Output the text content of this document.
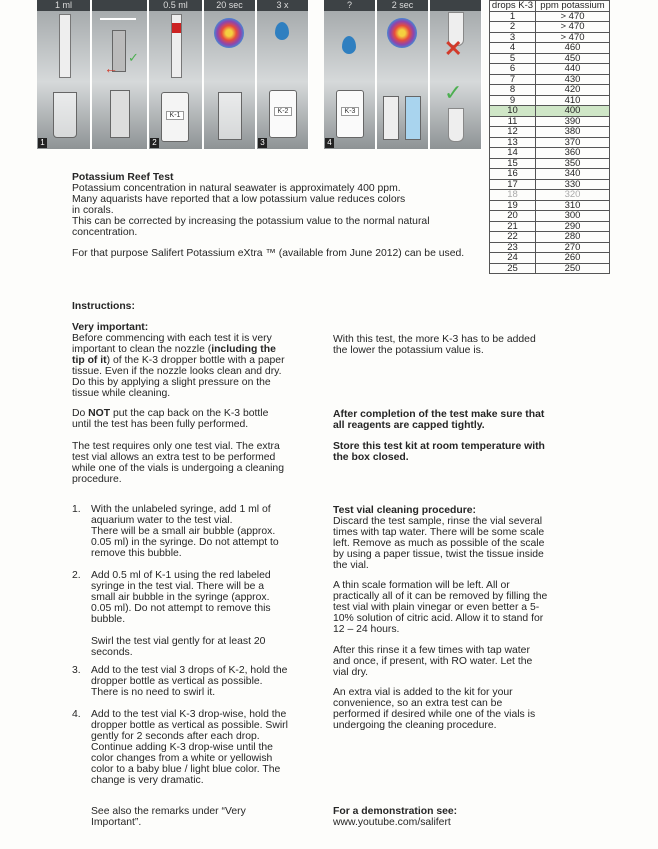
1 ml
1
←
✓
0.5 ml
K-1
2
20 sec	3 x
K-2
3
?
K-3
4
2 sec
✕
✓
drops K-3	ppm potassium
1	> 470
2	> 470
3	> 470
4	460
5	450
6	440
7	430
8	420
9	410
10	400
11	390
12	380
13	370
14	360
15	350
16	340
17	330
18	320
19	310
20	300
21	290
22	280
23	270
24	260
25	250
Potassium Reef Test
Potassium concentration in natural seawater is approximately 400 ppm.
Many aquarists have reported that a low potassium value reduces colors
in corals.
This can be corrected by increasing the potassium value to the normal natural
concentration.
For that purpose Salifert Potassium eXtra ™ (available from June 2012) can be used.
Instructions:
Very important:
Before commencing with each test it is very
important to clean the nozzle (including the
tip of it) of the K-3 dropper bottle with a paper
tissue. Even if the nozzle looks clean and dry.
Do this by applying a slight pressure on the
tissue while cleaning.
Do NOT put the cap back on the K-3 bottle
until the test has been fully performed.
The test requires only one test vial. The extra
test vial allows an extra test to be performed
while one of the vials is undergoing a cleaning
procedure.
1. With the unlabeled syringe, add 1 ml of
aquarium water to the test vial.
There will be a small air bubble (approx.
0.05 ml) in the syringe. Do not attempt to
remove this bubble.
2. Add 0.5 ml of K-1 using the red labeled
syringe in the test vial. There will be a
small air bubble in the syringe (approx.
0.05 ml). Do not attempt to remove this
bubble.

Swirl the test vial gently for at least 20
seconds.
3. Add to the test vial 3 drops of K-2, hold the
dropper bottle as vertical as possible.
There is no need to swirl it.
4. Add to the test vial K-3 drop-wise, hold the
dropper bottle as vertical as possible. Swirl
gently for 2 seconds after each drop.
Continue adding K-3 drop-wise until the
color changes from a white or yellowish
color to a baby blue / light blue color. The
change is very dramatic.
See also the remarks under “Very
Important”.
With this test, the more K-3 has to be added
the lower the potassium value is.
After completion of the test make sure that
all reagents are capped tightly.
Store this test kit at room temperature with
the box closed.
Test vial cleaning procedure:
Discard the test sample, rinse the vial several
times with tap water. There will be some scale
left. Remove as much as possible of the scale
by using a paper tissue, twist the tissue inside
the vial.
A thin scale formation will be left. All or
practically all of it can be removed by filling the
test vial with plain vinegar or even better a 5-
10% solution of citric acid. Allow it to stand for
12 – 24 hours.
After this rinse it a few times with tap water
and once, if present, with RO water. Let the
vial dry.
An extra vial is added to the kit for your
convenience, so an extra test can be
performed if desired while one of the vials is
undergoing the cleaning procedure.
For a demonstration see:
www.youtube.com/salifert
